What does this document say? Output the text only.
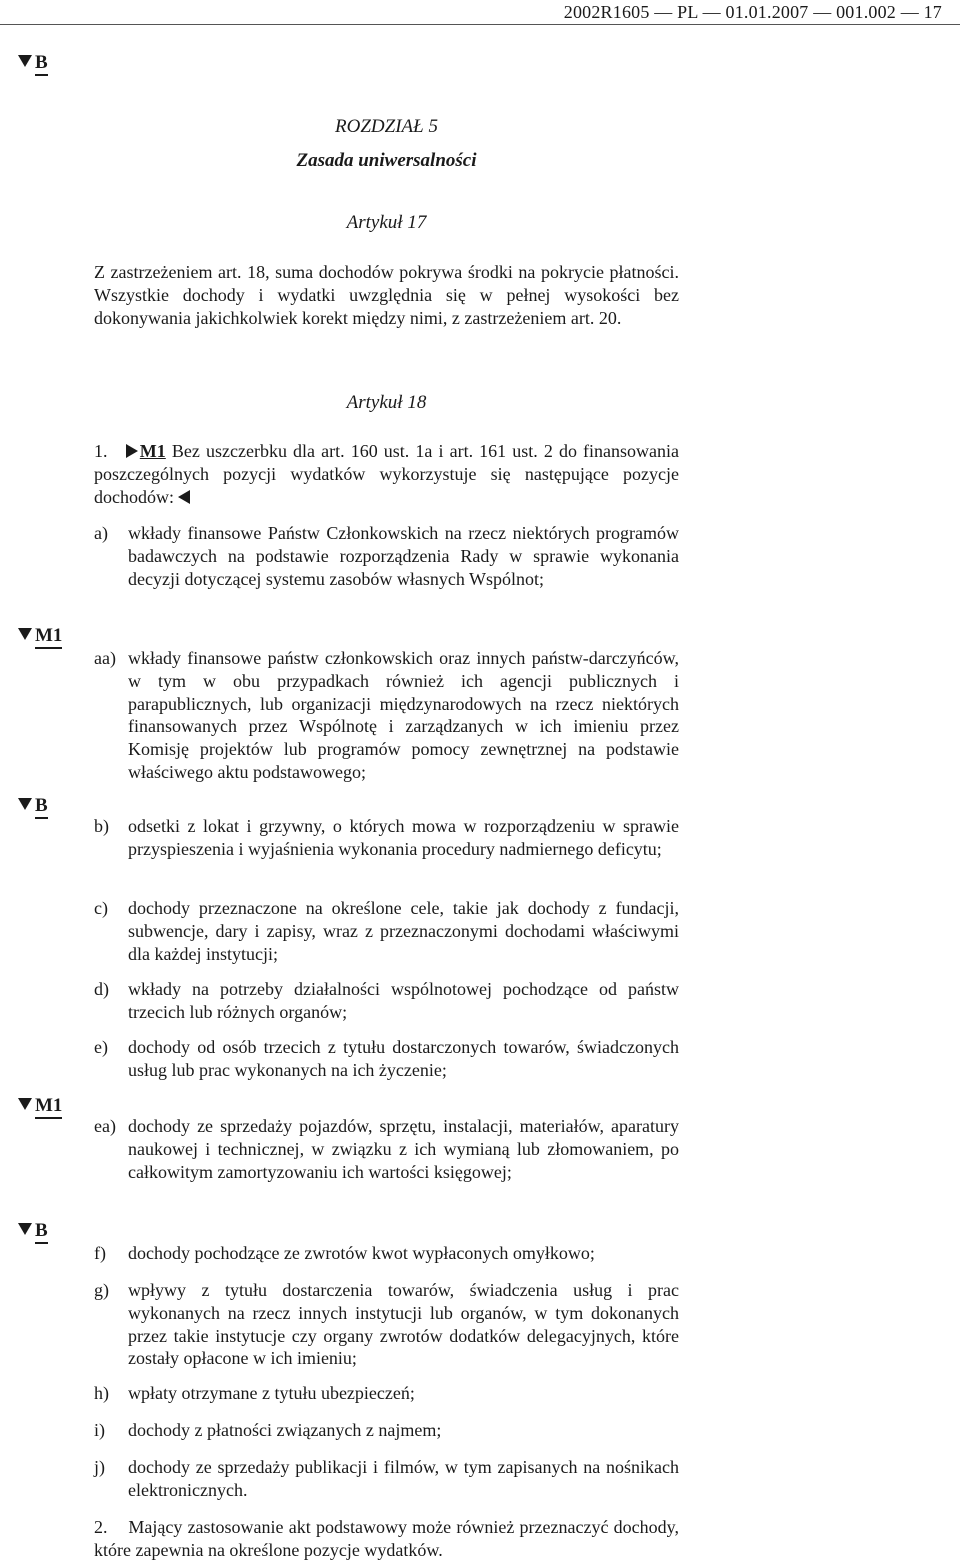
2002R1605 — PL — 01.01.2007 — 001.002 — 17
B
M1
B
M1
B
ROZDZIAŁ 5
Zasada uniwersalności
Artykuł 17
Z zastrzeżeniem art. 18, suma dochodów pokrywa środki na pokrycie płatności. Wszystkie dochody i wydatki uwzględnia się w pełnej wysokości bez dokonywania jakichkolwiek korekt między nimi, z zastrzeżeniem art. 20.
Artykuł 18
1. M1 Bez uszczerbku dla art. 160 ust. 1a i art. 161 ust. 2 do finansowania poszczególnych pozycji wydatków wykorzystuje się następujące pozycje dochodów:
a) wkłady finansowe Państw Członkowskich na rzecz niektórych programów badawczych na podstawie rozporządzenia Rady w sprawie wykonania decyzji dotyczącej systemu zasobów własnych Wspólnot;
aa) wkłady finansowe państw członkowskich oraz innych państw-darczyńców, w tym w obu przypadkach również ich agencji publicznych i parapublicznych, lub organizacji międzynarodowych na rzecz niektórych finansowanych przez Wspólnotę i zarządzanych w ich imieniu przez Komisję projektów lub programów pomocy zewnętrznej na podstawie właściwego aktu podstawowego;
b) odsetki z lokat i grzywny, o których mowa w rozporządzeniu w sprawie przyspieszenia i wyjaśnienia wykonania procedury nadmiernego deficytu;
c) dochody przeznaczone na określone cele, takie jak dochody z fundacji, subwencje, dary i zapisy, wraz z przeznaczonymi dochodami właściwymi dla każdej instytucji;
d) wkłady na potrzeby działalności wspólnotowej pochodzące od państw trzecich lub różnych organów;
e) dochody od osób trzecich z tytułu dostarczonych towarów, świadczonych usług lub prac wykonanych na ich życzenie;
ea) dochody ze sprzedaży pojazdów, sprzętu, instalacji, materiałów, aparatury naukowej i technicznej, w związku z ich wymianą lub złomowaniem, po całkowitym zamortyzowaniu ich wartości księgowej;
f) dochody pochodzące ze zwrotów kwot wypłaconych omyłkowo;
g) wpływy z tytułu dostarczenia towarów, świadczenia usług i prac wykonanych na rzecz innych instytucji lub organów, w tym dokonanych przez takie instytucje czy organy zwrotów dodatków delegacyjnych, które zostały opłacone w ich imieniu;
h) wpłaty otrzymane z tytułu ubezpieczeń;
i) dochody z płatności związanych z najmem;
j) dochody ze sprzedaży publikacji i filmów, w tym zapisanych na nośnikach elektronicznych.
2. Mający zastosowanie akt podstawowy może również przeznaczyć dochody, które zapewnia na określone pozycje wydatków.
